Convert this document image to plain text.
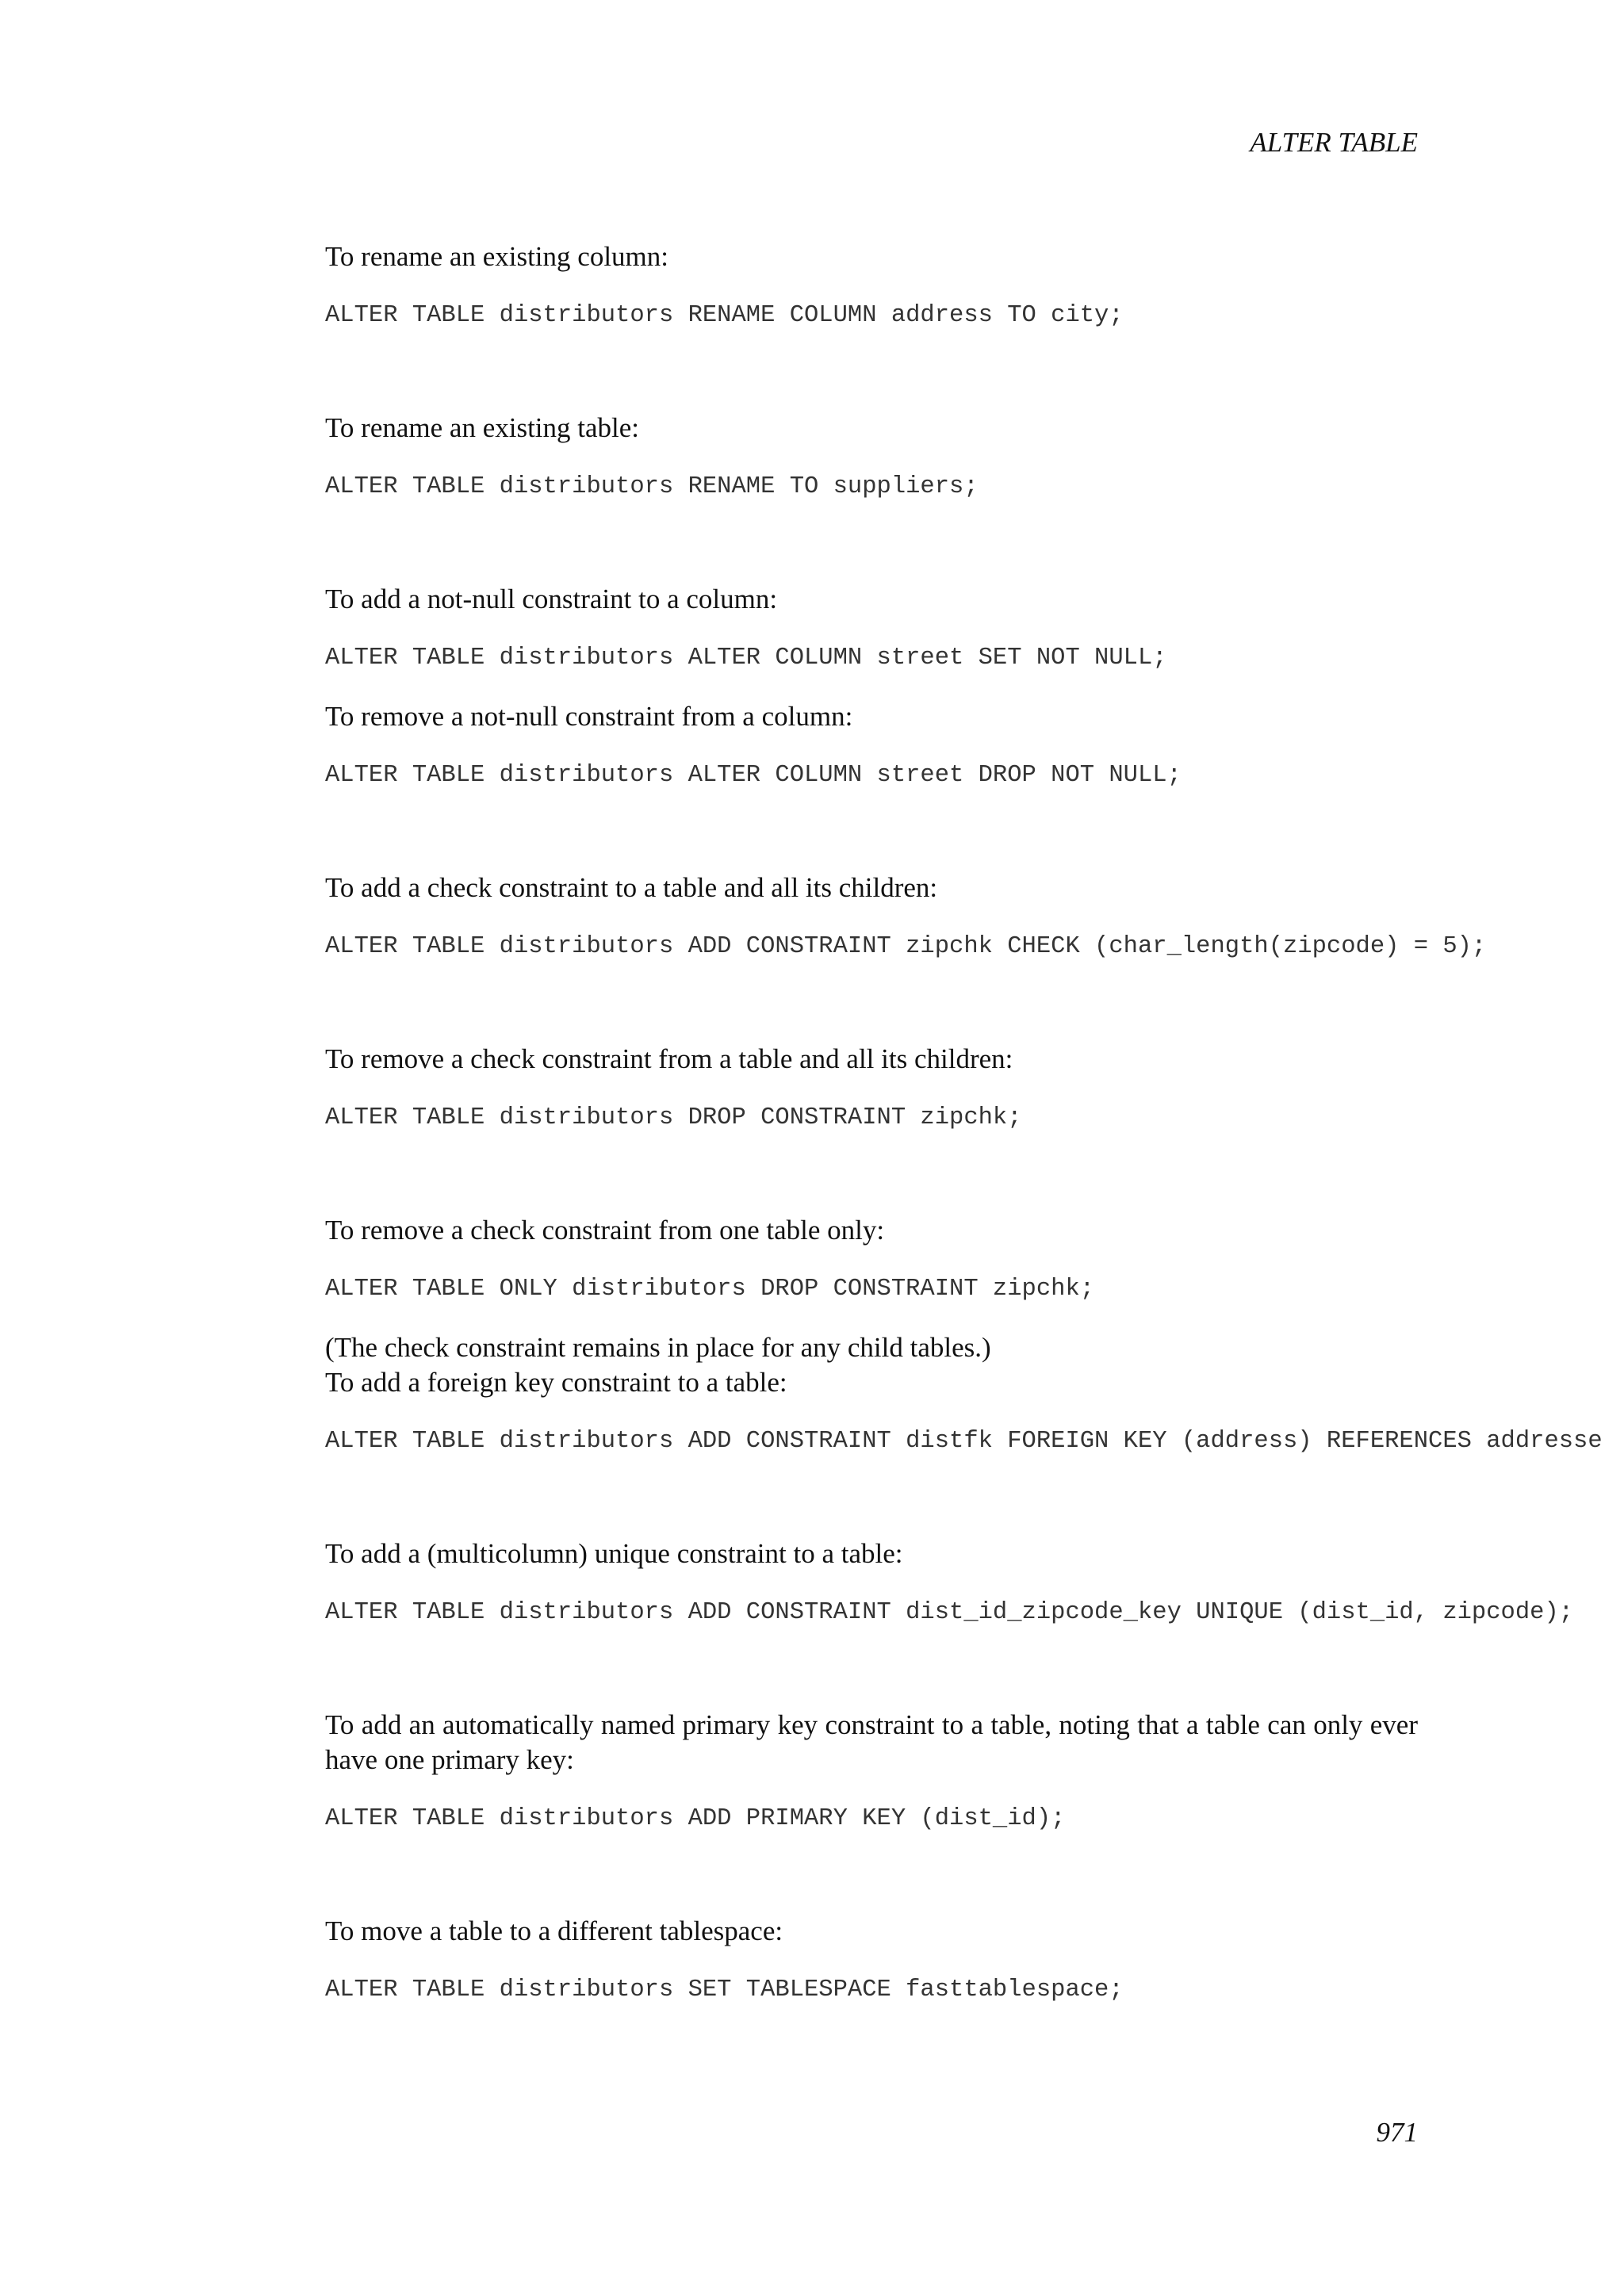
ALTER TABLE

To rename an existing column:

ALTER TABLE distributors RENAME COLUMN address TO city;

To rename an existing table:

ALTER TABLE distributors RENAME TO suppliers;

To add a not-null constraint to a column:

ALTER TABLE distributors ALTER COLUMN street SET NOT NULL;

To remove a not-null constraint from a column:

ALTER TABLE distributors ALTER COLUMN street DROP NOT NULL;

To add a check constraint to a table and all its children:

ALTER TABLE distributors ADD CONSTRAINT zipchk CHECK (char_length(zipcode) = 5);

To remove a check constraint from a table and all its children:

ALTER TABLE distributors DROP CONSTRAINT zipchk;

To remove a check constraint from one table only:

ALTER TABLE ONLY distributors DROP CONSTRAINT zipchk;

(The check constraint remains in place for any child tables.)

To add a foreign key constraint to a table:

ALTER TABLE distributors ADD CONSTRAINT distfk FOREIGN KEY (address) REFERENCES addresse

To add a (multicolumn) unique constraint to a table:

ALTER TABLE distributors ADD CONSTRAINT dist_id_zipcode_key UNIQUE (dist_id, zipcode);

To add an automatically named primary key constraint to a table, noting that a table can only ever have one primary key:

ALTER TABLE distributors ADD PRIMARY KEY (dist_id);

To move a table to a different tablespace:

ALTER TABLE distributors SET TABLESPACE fasttablespace;
971
